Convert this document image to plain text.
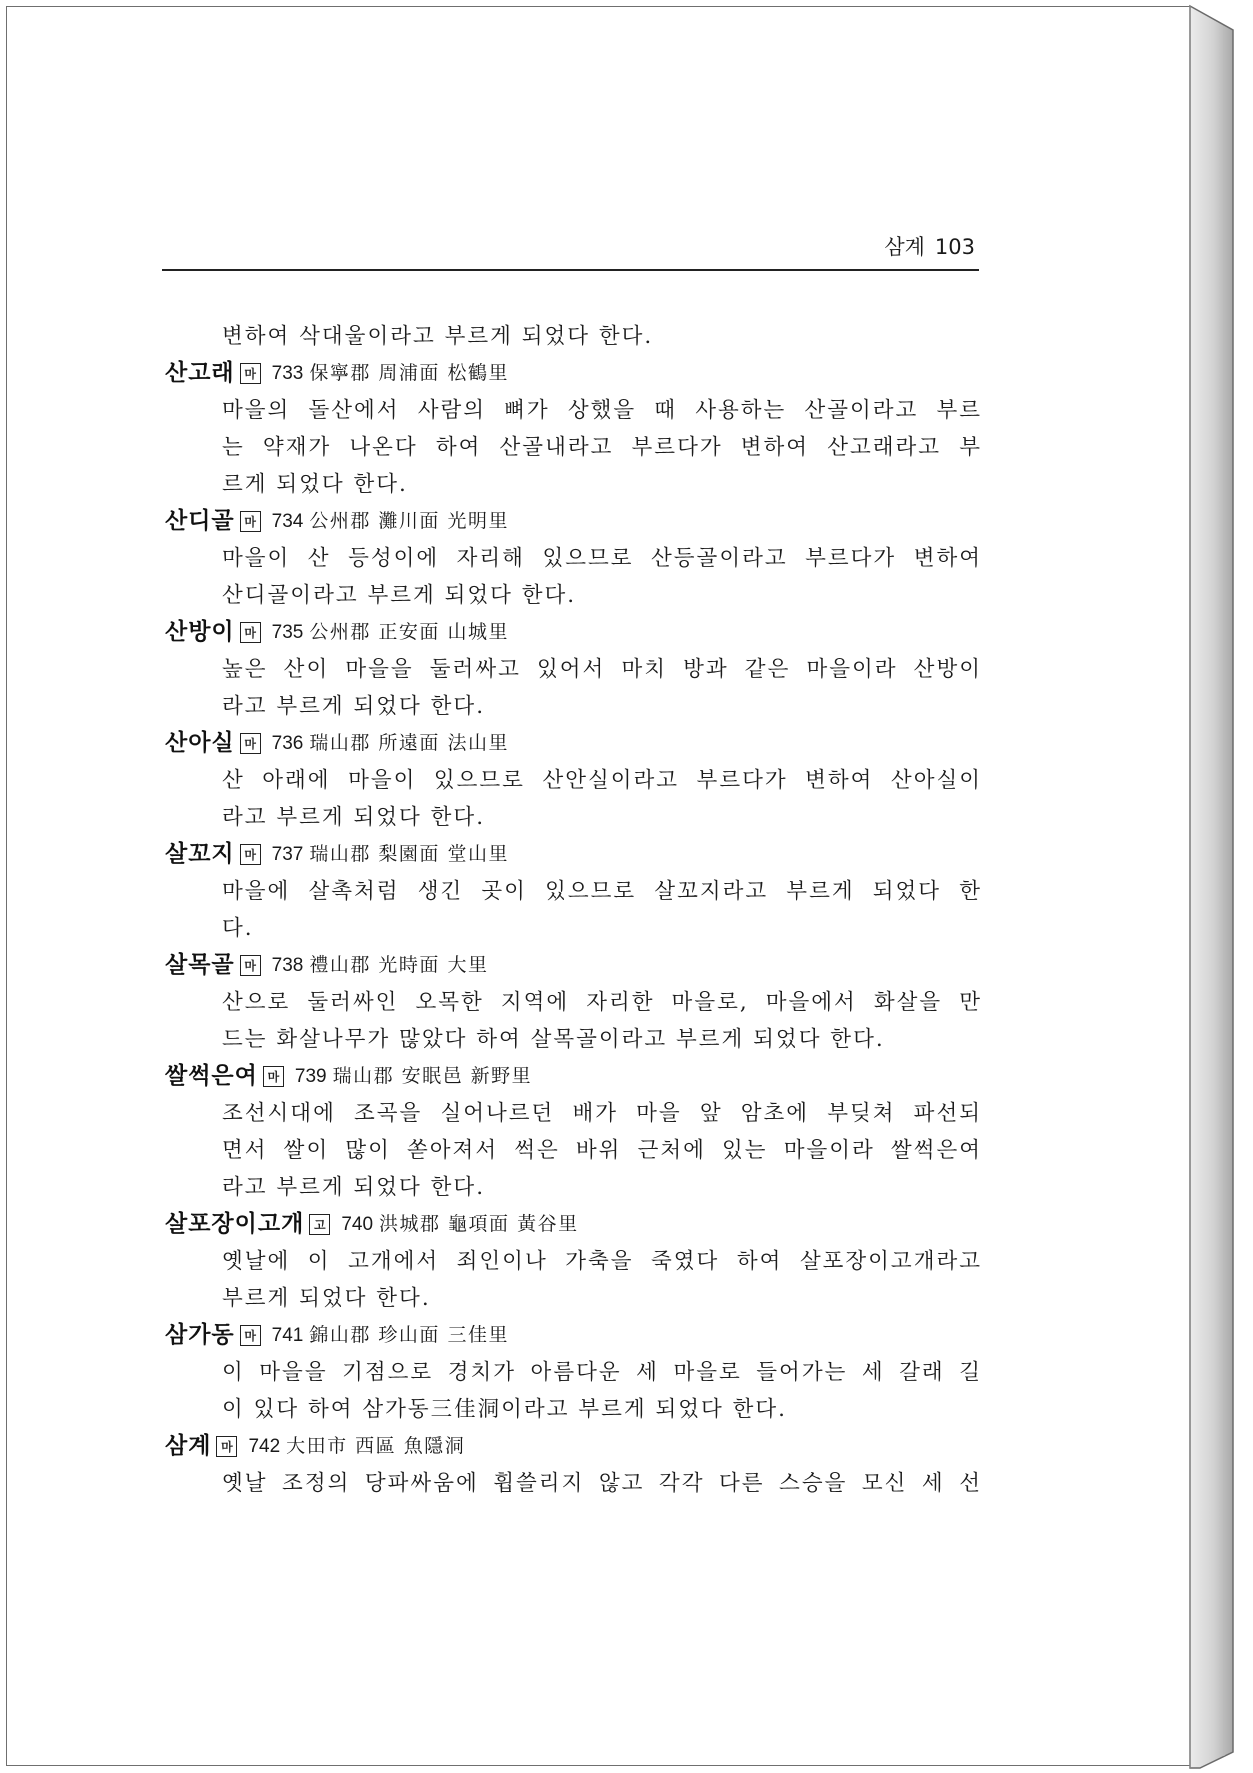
삼계 103
변하여 삭대울이라고 부르게 되었다 한다.
산고래 마 733 保寧郡 周浦面 松鶴里
마을의 돌산에서 사람의 뼈가 상했을 때 사용하는 산골이라고 부르
는 약재가 나온다 하여 산골내라고 부르다가 변하여 산고래라고 부
르게 되었다 한다.
산디골 마 734 公州郡 灘川面 光明里
마을이 산 등성이에 자리해 있으므로 산등골이라고 부르다가 변하여
산디골이라고 부르게 되었다 한다.
산방이 마 735 公州郡 正安面 山城里
높은 산이 마을을 둘러싸고 있어서 마치 방과 같은 마을이라 산방이
라고 부르게 되었다 한다.
산아실 마 736 瑞山郡 所遠面 法山里
산 아래에 마을이 있으므로 산안실이라고 부르다가 변하여 산아실이
라고 부르게 되었다 한다.
살꼬지 마 737 瑞山郡 梨園面 堂山里
마을에 살촉처럼 생긴 곳이 있으므로 살꼬지라고 부르게 되었다 한
다.
살목골 마 738 禮山郡 光時面 大里
산으로 둘러싸인 오목한 지역에 자리한 마을로, 마을에서 화살을 만
드는 화살나무가 많았다 하여 살목골이라고 부르게 되었다 한다.
쌀썩은여 마 739 瑞山郡 安眠邑 新野里
조선시대에 조곡을 실어나르던 배가 마을 앞 암초에 부딪쳐 파선되
면서 쌀이 많이 쏟아져서 썩은 바위 근처에 있는 마을이라 쌀썩은여
라고 부르게 되었다 한다.
살포장이고개 고 740 洪城郡 龜項面 黃谷里
옛날에 이 고개에서 죄인이나 가축을 죽였다 하여 살포장이고개라고
부르게 되었다 한다.
삼가동 마 741 錦山郡 珍山面 三佳里
이 마을을 기점으로 경치가 아름다운 세 마을로 들어가는 세 갈래 길
이 있다 하여 삼가동三佳洞이라고 부르게 되었다 한다.
삼계 마 742 大田市 西區 魚隱洞
옛날 조정의 당파싸움에 휩쓸리지 않고 각각 다른 스승을 모신 세 선
